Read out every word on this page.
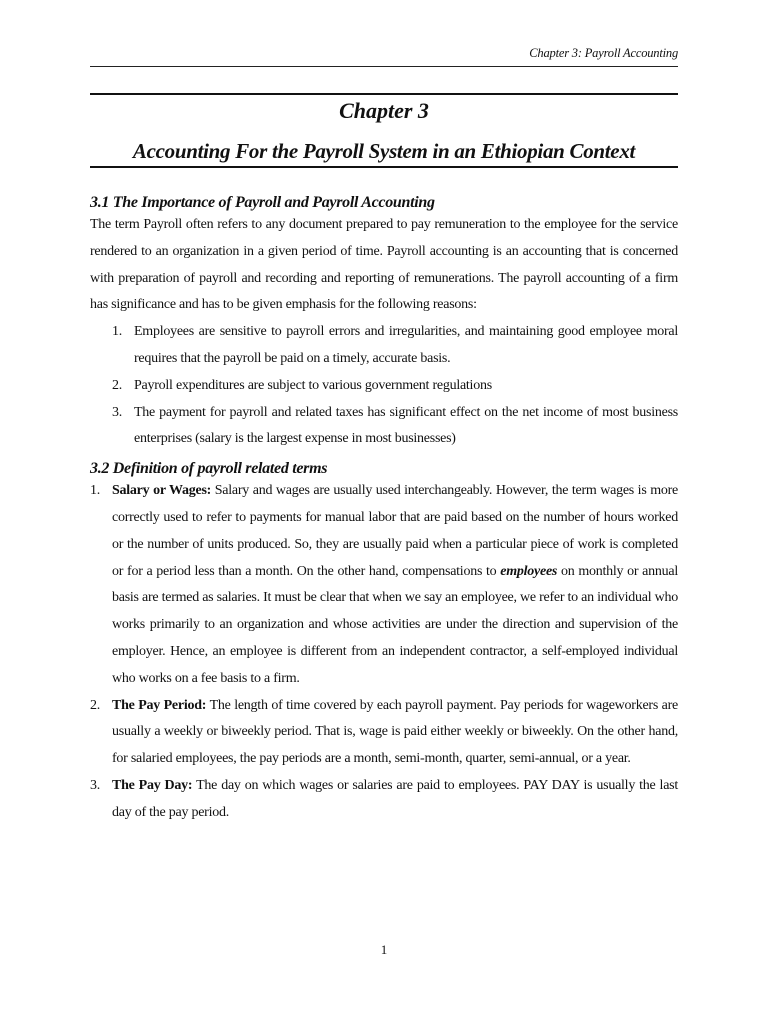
Chapter 3: Payroll Accounting
Chapter 3
Accounting For the Payroll System in an Ethiopian Context
3.1 The Importance of Payroll and Payroll Accounting

The term Payroll often refers to any document prepared to pay remuneration to the employee for the service rendered to an organization in a given period of time. Payroll accounting is an accounting that is concerned with preparation of payroll and recording and reporting of remunerations. The payroll accounting of a firm has significance and has to be given emphasis for the following reasons:

1. Employees are sensitive to payroll errors and irregularities, and maintaining good employee moral requires that the payroll be paid on a timely, accurate basis.
2. Payroll expenditures are subject to various government regulations
3. The payment for payroll and related taxes has significant effect on the net income of most business enterprises (salary is the largest expense in most businesses)
3.2 Definition of payroll related terms
1. Salary or Wages: Salary and wages are usually used interchangeably. However, the term wages is more correctly used to refer to payments for manual labor that are paid based on the number of hours worked or the number of units produced. So, they are usually paid when a particular piece of work is completed or for a period less than a month. On the other hand, compensations to employees on monthly or annual basis are termed as salaries. It must be clear that when we say an employee, we refer to an individual who works primarily to an organization and whose activities are under the direction and supervision of the employer. Hence, an employee is different from an independent contractor, a self-employed individual who works on a fee basis to a firm.
2. The Pay Period: The length of time covered by each payroll payment. Pay periods for wageworkers are usually a weekly or biweekly period. That is, wage is paid either weekly or biweekly. On the other hand, for salaried employees, the pay periods are a month, semi-month, quarter, semi-annual, or a year.
3. The Pay Day: The day on which wages or salaries are paid to employees. PAY DAY is usually the last day of the pay period.
1
